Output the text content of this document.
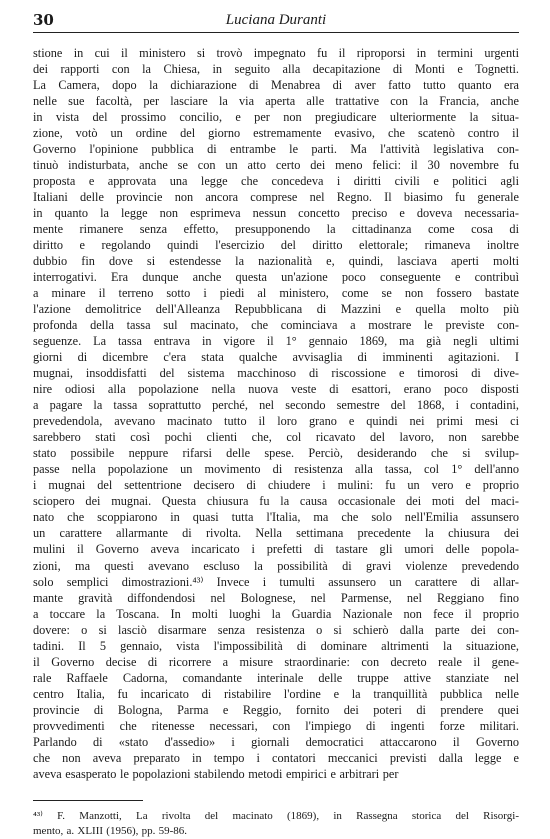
30	Luciana Duranti
stione in cui il ministero si trovò impegnato fu il riproporsi in termini urgenti
dei rapporti con la Chiesa, in seguito alla decapitazione di Monti e Tognetti.
La Camera, dopo la dichiarazione di Menabrea di aver fatto tutto quanto era
nelle sue facoltà, per lasciare la via aperta alle trattative con la Francia, anche
in vista del prossimo concilio, e per non pregiudicare ulteriormente la situa-
zione, votò un ordine del giorno estremamente evasivo, che scatenò contro il
Governo l'opinione pubblica di entrambe le parti. Ma l'attività legislativa con-
tinuò indisturbata, anche se con un atto certo dei meno felici: il 30 novembre fu
proposta e approvata una legge che concedeva i diritti civili e politici agli
Italiani delle provincie non ancora comprese nel Regno. Il biasimo fu generale
in quanto la legge non esprimeva nessun concetto preciso e doveva necessaria-
mente rimanere senza effetto, presupponendo la cittadinanza come cosa di
diritto e regolando quindi l'esercizio del diritto elettorale; rimaneva inoltre
dubbio fin dove si estendesse la nazionalità e, quindi, lasciava aperti molti
interrogativi. Era dunque anche questa un'azione poco conseguente e contribuì
a minare il terreno sotto i piedi al ministero, come se non fossero bastate
l'azione demolitrice dell'Alleanza Repubblicana di Mazzini e quella molto più
profonda della tassa sul macinato, che cominciava a mostrare le previste con-
seguenze. La tassa entrava in vigore il 1° gennaio 1869, ma già negli ultimi
giorni di dicembre c'era stata qualche avvisaglia di imminenti agitazioni. I
mugnai, insoddisfatti del sistema macchinoso di riscossione e timorosi di dive-
nire odiosi alla popolazione nella nuova veste di esattori, erano poco disposti
a pagare la tassa soprattutto perché, nel secondo semestre del 1868, i contadini,
prevedendola, avevano macinato tutto il loro grano e quindi nei primi mesi ci
sarebbero stati così pochi clienti che, col ricavato del lavoro, non sarebbe
stato possibile neppure rifarsi delle spese. Perciò, desiderando che si svilup-
passe nella popolazione un movimento di resistenza alla tassa, col 1° dell'anno
i mugnai del settentrione decisero di chiudere i mulini: fu un vero e proprio
sciopero dei mugnai. Questa chiusura fu la causa occasionale dei moti del maci-
nato che scoppiarono in quasi tutta l'Italia, ma che solo nell'Emilia assunsero
un carattere allarmante di rivolta. Nella settimana precedente la chiusura dei
mulini il Governo aveva incaricato i prefetti di tastare gli umori delle popola-
zioni, ma questi avevano escluso la possibilità di gravi violenze prevedendo
solo semplici dimostrazioni.⁴³⁾ Invece i tumulti assunsero un carattere di allar-
mante gravità diffondendosi nel Bolognese, nel Parmense, nel Reggiano fino
a toccare la Toscana. In molti luoghi la Guardia Nazionale non fece il proprio
dovere: o si lasciò disarmare senza resistenza o si schierò dalla parte dei con-
tadini. Il 5 gennaio, vista l'impossibilità di dominare altrimenti la situazione,
il Governo decise di ricorrere a misure straordinarie: con decreto reale il gene-
rale Raffaele Cadorna, comandante interinale delle truppe attive stanziate nel
centro Italia, fu incaricato di ristabilire l'ordine e la tranquillità pubblica nelle
provincie di Bologna, Parma e Reggio, fornito dei poteri di prendere quei
provvedimenti che ritenesse necessari, con l'impiego di ingenti forze militari.
Parlando di «stato d'assedio» i giornali democratici attaccarono il Governo
che non aveva preparato in tempo i contatori meccanici previsti dalla legge e
aveva esasperato le popolazioni stabilendo metodi empirici e arbitrari per
⁴³⁾ F. Manzotti, La rivolta del macinato (1869), in Rassegna storica del Risorgi-
mento, a. XLIII (1956), pp. 59-86.
